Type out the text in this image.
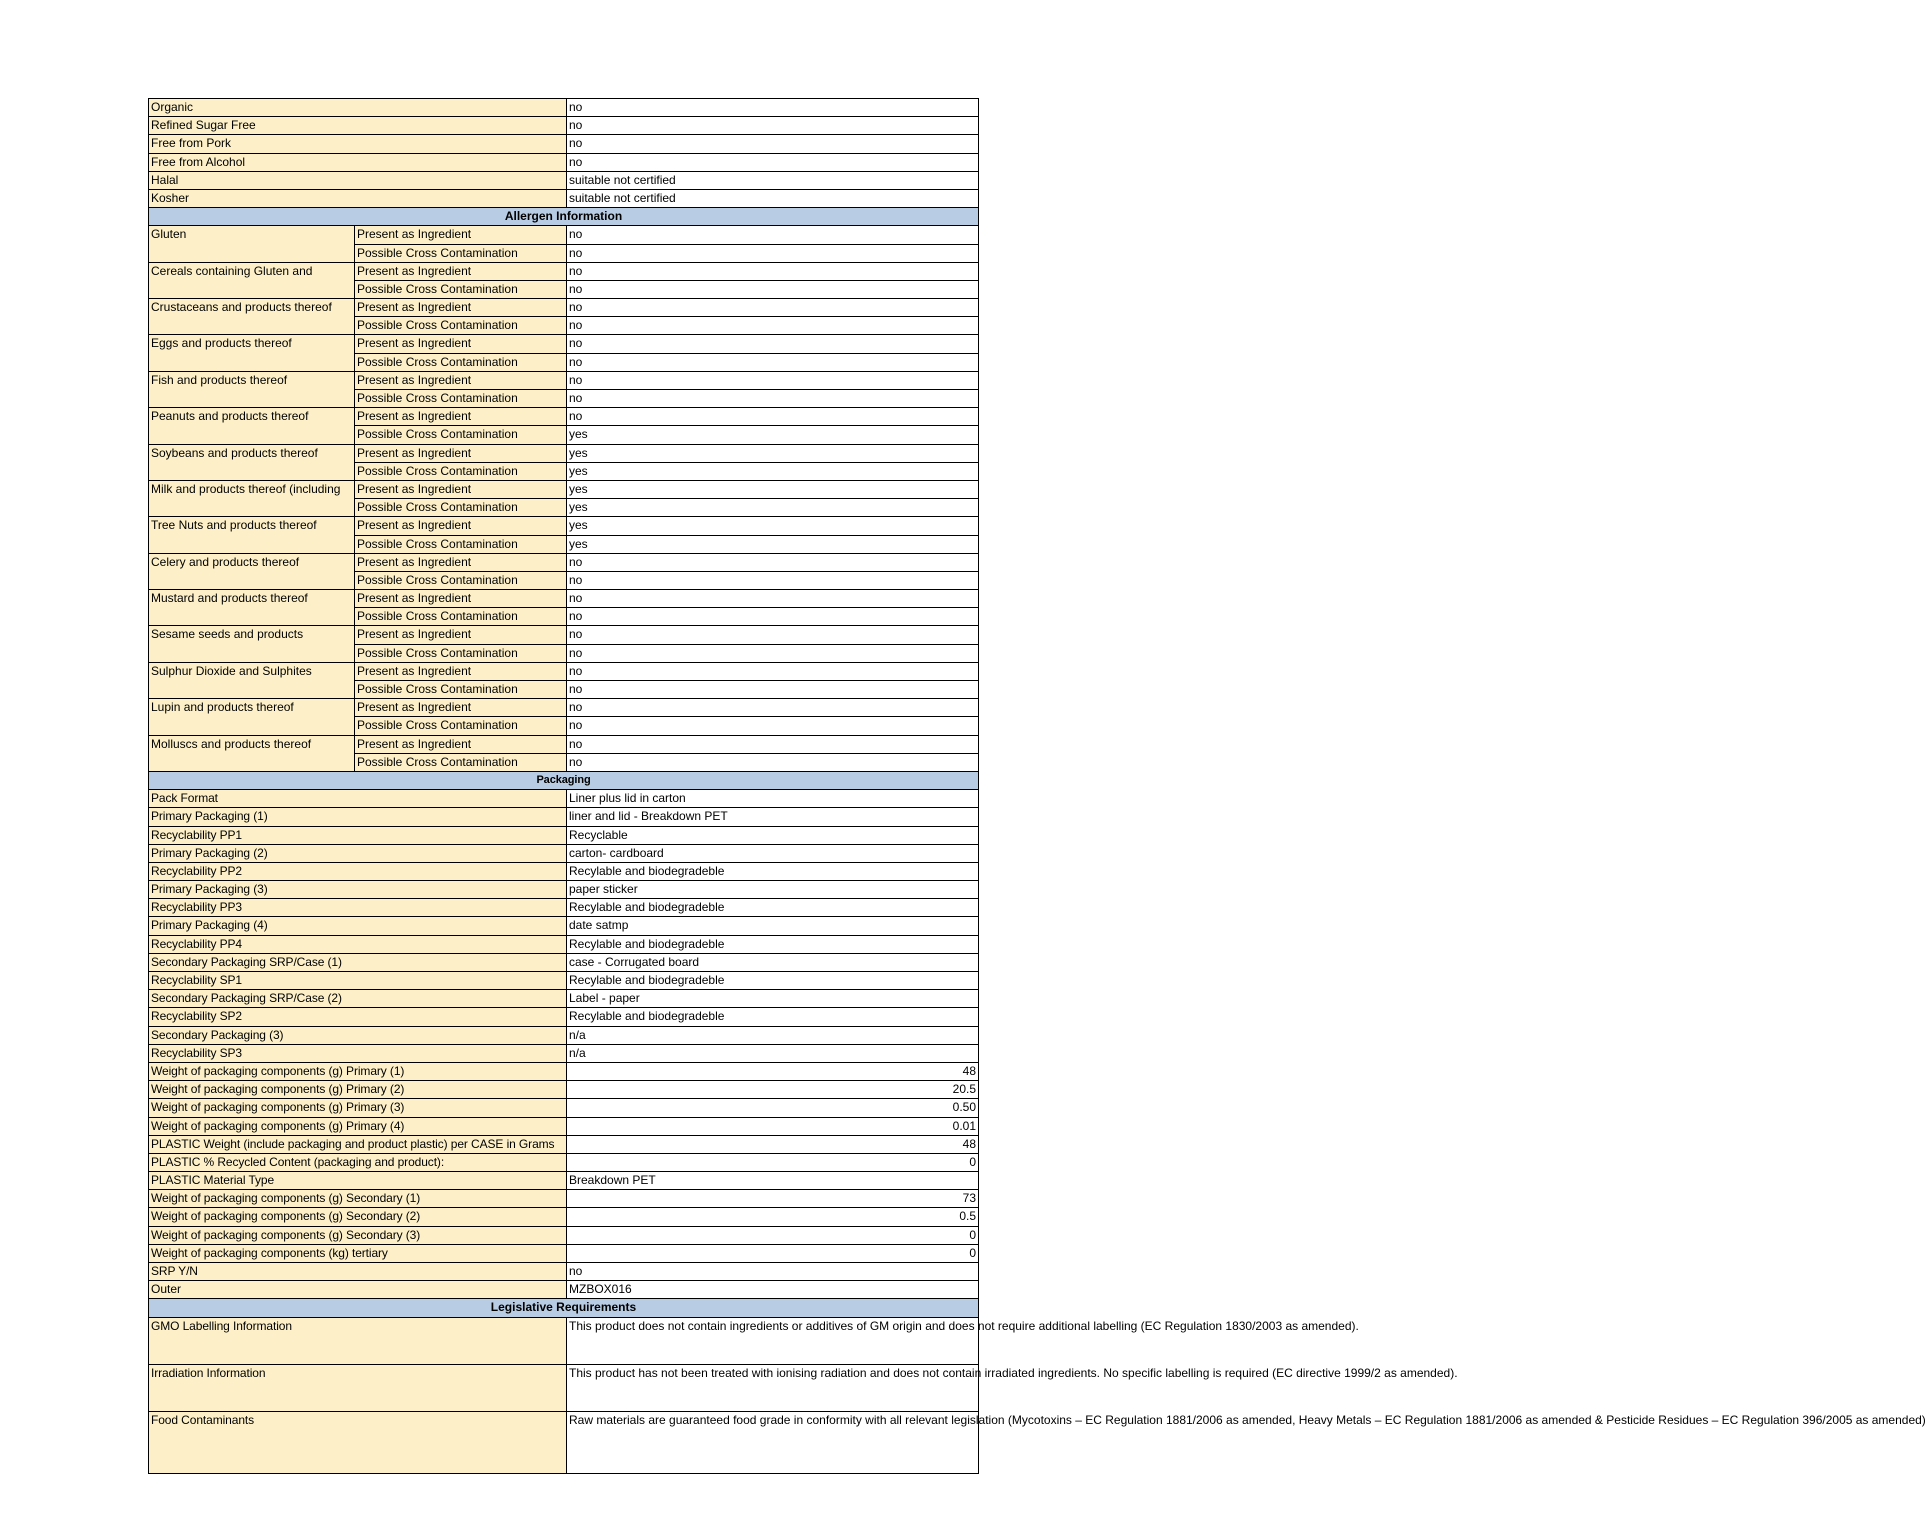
Organic		no
Refined Sugar Free		no
Free from Pork		no
Free from Alcohol		no
Halal		suitable not certified
Kosher		suitable not certified
Allergen Information		
Gluten	Present as Ingredient	no
	Possible Cross Contamination	no
Cereals containing Gluten and	Present as Ingredient	no
	Possible Cross Contamination	no
Crustaceans and products thereof	Present as Ingredient	no
	Possible Cross Contamination	no
Eggs and products thereof	Present as Ingredient	no
	Possible Cross Contamination	no
Fish and products thereof	Present as Ingredient	no
	Possible Cross Contamination	no
Peanuts and products thereof	Present as Ingredient	no
	Possible Cross Contamination	yes
Soybeans and products thereof	Present as Ingredient	yes
	Possible Cross Contamination	yes
Milk and products thereof (including	Present as Ingredient	yes
	Possible Cross Contamination	yes
Tree Nuts and products thereof	Present as Ingredient	yes
	Possible Cross Contamination	yes
Celery and products thereof	Present as Ingredient	no
	Possible Cross Contamination	no
Mustard and products thereof	Present as Ingredient	no
	Possible Cross Contamination	no
Sesame seeds and products	Present as Ingredient	no
	Possible Cross Contamination	no
Sulphur Dioxide and Sulphites	Present as Ingredient	no
	Possible Cross Contamination	no
Lupin and products thereof	Present as Ingredient	no
	Possible Cross Contamination	no
Molluscs and products thereof	Present as Ingredient	no
	Possible Cross Contamination	no
Packaging		
Pack Format		Liner plus lid in carton
Primary Packaging (1)		liner and lid - Breakdown PET
Recyclability PP1		Recyclable
Primary Packaging (2)		carton- cardboard
Recyclability PP2		Recylable and biodegradeble
Primary Packaging (3)		paper sticker
Recyclability PP3		Recylable and biodegradeble
Primary Packaging (4)		date satmp
Recyclability PP4		Recylable and biodegradeble
Secondary Packaging SRP/Case (1)		case - Corrugated board
Recyclability SP1		Recylable and biodegradeble
Secondary Packaging SRP/Case (2)		Label - paper
Recyclability SP2		Recylable and biodegradeble
Secondary Packaging (3)		n/a
Recyclability SP3		n/a
Weight of packaging components (g) Primary (1)		48
Weight of packaging components (g) Primary (2)		20.5
Weight of packaging components (g) Primary (3)		0.50
Weight of packaging components (g) Primary (4)		0.01
PLASTIC Weight (include packaging and product plastic) per CASE in Grams		48
PLASTIC % Recycled Content (packaging and product):		0
PLASTIC Material Type		Breakdown PET
Weight of packaging components (g) Secondary (1)		73
Weight of packaging components (g) Secondary (2)		0.5
Weight of packaging components (g) Secondary (3)		0
Weight of packaging components (kg) tertiary		0
SRP Y/N		no
Outer		MZBOX016
Legislative Requirements		
GMO Labelling Information		This product does not contain ingredients or additives of GM origin and does not require additional labelling (EC Regulation 1830/2003 as amended).
Irradiation Information		This product has not been treated with ionising radiation and does not contain irradiated ingredients. No specific labelling is required (EC directive 1999/2 as amended).
Food Contaminants		Raw materials are guaranteed food grade in conformity with all relevant legislation (Mycotoxins – EC Regulation 1881/2006 as amended, Heavy Metals – EC Regulation 1881/2006 as amended & Pesticide Residues – EC Regulation 396/2005 as amended)
